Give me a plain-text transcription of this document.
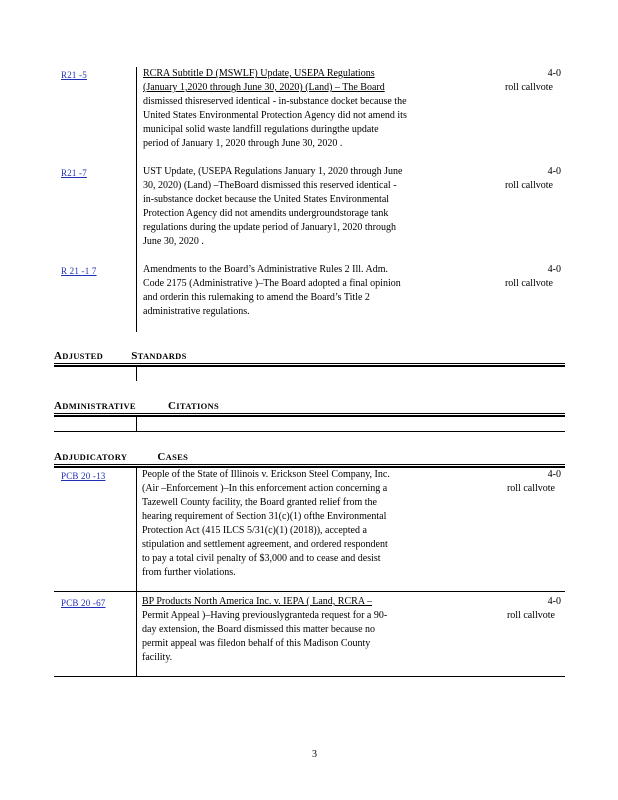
R21 -5	RCRA Subtitle D (MSWLF) Update, USEPA Regulations
(January 1,2020 through June 30, 2020) (Land) – The Board
dismissed thisreserved identical - in-substance docket because the
United States Environmental Protection Agency did not amend its
municipal solid waste landfill regulations duringthe update
period of January 1, 2020 through June 30, 2020 .
4-0
roll callvote
R21 -7	UST Update, (USEPA Regulations January 1, 2020 through June
30, 2020) (Land) –TheBoard dismissed this reserved identical -
in-substance docket because the United States Environmental
Protection Agency did not amendits undergroundstorage tank
regulations during the update period of January1, 2020 through
June 30, 2020 .
4-0
roll callvote
R 21 -1 7	Amendments to the Board’s Administrative Rules 2 Ill. Adm.
Code 2175 (Administrative )–The Board adopted a final opinion
and orderin this rulemaking to amend the Board’s Title 2
administrative regulations.
4-0
roll callvote
ADJUSTED	STANDARDS
ADMINISTRATIVE	CITATIONS
ADJUDICATORY	CASES
PCB 20 -13	People of the State of Illinois v. Erickson Steel Company, Inc.
(Air –Enforcement )–In this enforcement action concerning a
Tazewell County facility, the Board granted relief from the
hearing requirement of Section 31(c)(1) ofthe Environmental
Protection Act (415 ILCS 5/31(c)(1) (2018)), accepted a
stipulation and settlement agreement, and ordered respondent
to pay a total civil penalty of $3,000 and to cease and desist
from further violations.
4-0
roll callvote
PCB 20 -67	BP Products North America Inc. v. IEPA ( Land, RCRA –
Permit Appeal )–Having previouslygranteda request for a 90-
day extension, the Board dismissed this matter because no
permit appeal was filedon behalf of this Madison County
facility.
4-0
roll callvote
3
